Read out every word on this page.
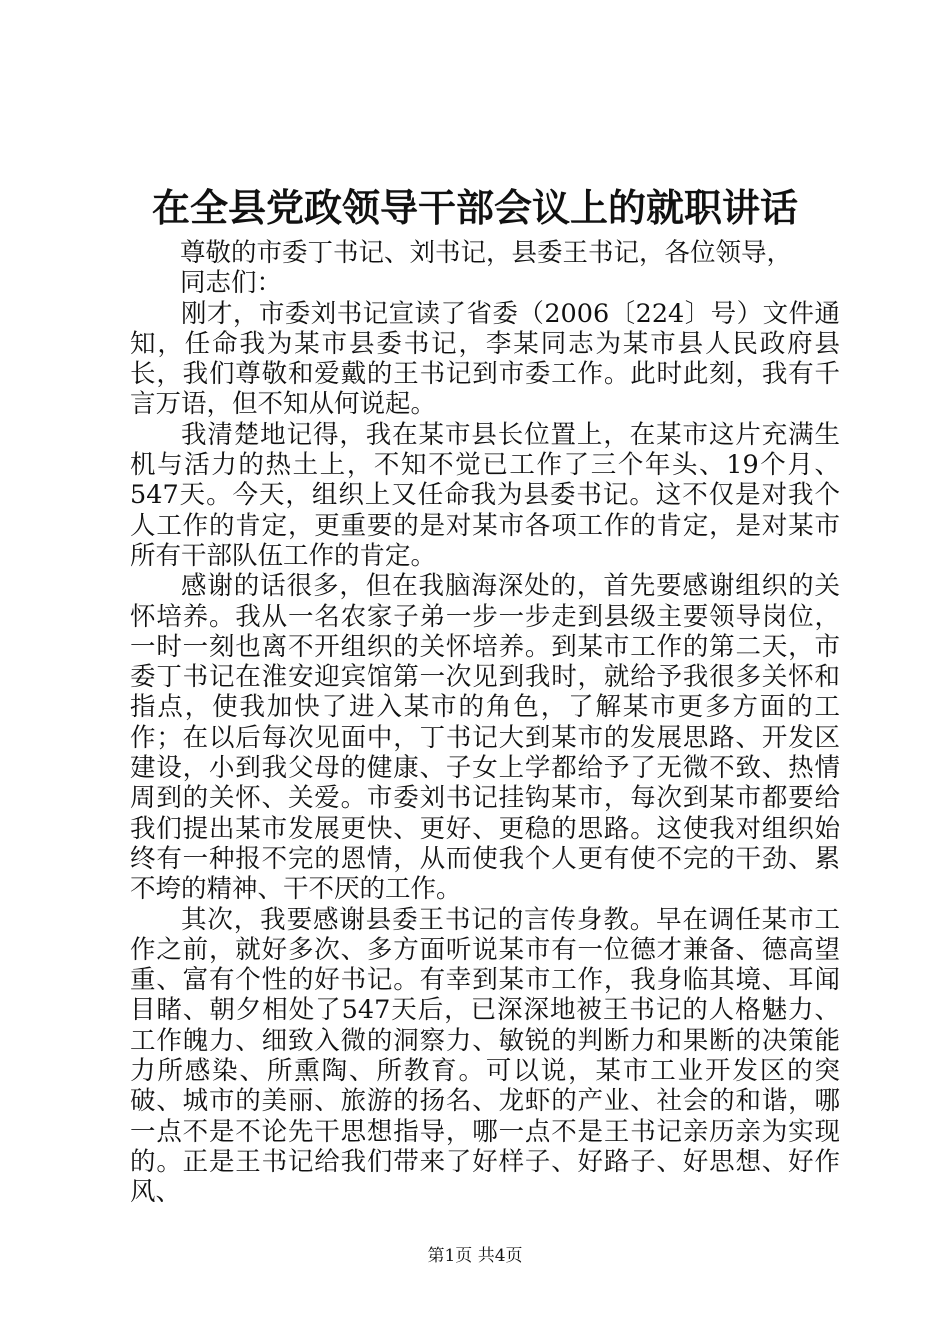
在全县党政领导干部会议上的就职讲话

尊敬的市委丁书记、刘书记，县委王书记，各位领导，

同志们：

刚才，市委刘书记宣读了省委（2006〔224〕号）文件通知，任命我为某市县委书记，李某同志为某市县人民政府县长，我们尊敬和爱戴的王书记到市委工作。此时此刻，我有千言万语，但不知从何说起。

我清楚地记得，我在某市县长位置上，在某市这片充满生机与活力的热土上，不知不觉已工作了三个年头、19个月、547天。今天，组织上又任命我为县委书记。这不仅是对我个人工作的肯定，更重要的是对某市各项工作的肯定，是对某市所有干部队伍工作的肯定。

感谢的话很多，但在我脑海深处的，首先要感谢组织的关怀培养。我从一名农家子弟一步一步走到县级主要领导岗位，一时一刻也离不开组织的关怀培养。到某市工作的第二天，市委丁书记在淮安迎宾馆第一次见到我时，就给予我很多关怀和指点，使我加快了进入某市的角色，了解某市更多方面的工作；在以后每次见面中，丁书记大到某市的发展思路、开发区建设，小到我父母的健康、子女上学都给予了无微不致、热情周到的关怀、关爱。市委刘书记挂钩某市，每次到某市都要给我们提出某市发展更快、更好、更稳的思路。这使我对组织始终有一种报不完的恩情，从而使我个人更有使不完的干劲、累不垮的精神、干不厌的工作。

其次，我要感谢县委王书记的言传身教。早在调任某市工作之前，就好多次、多方面听说某市有一位德才兼备、德高望重、富有个性的好书记。有幸到某市工作，我身临其境、耳闻目睹、朝夕相处了547天后，已深深地被王书记的人格魅力、工作魄力、细致入微的洞察力、敏锐的判断力和果断的决策能力所感染、所熏陶、所教育。可以说，某市工业开发区的突破、城市的美丽、旅游的扬名、龙虾的产业、社会的和谐，哪一点不是不论先干思想指导，哪一点不是王书记亲历亲为实现的。正是王书记给我们带来了好样子、好路子、好思想、好作风、

第1页 共4页
